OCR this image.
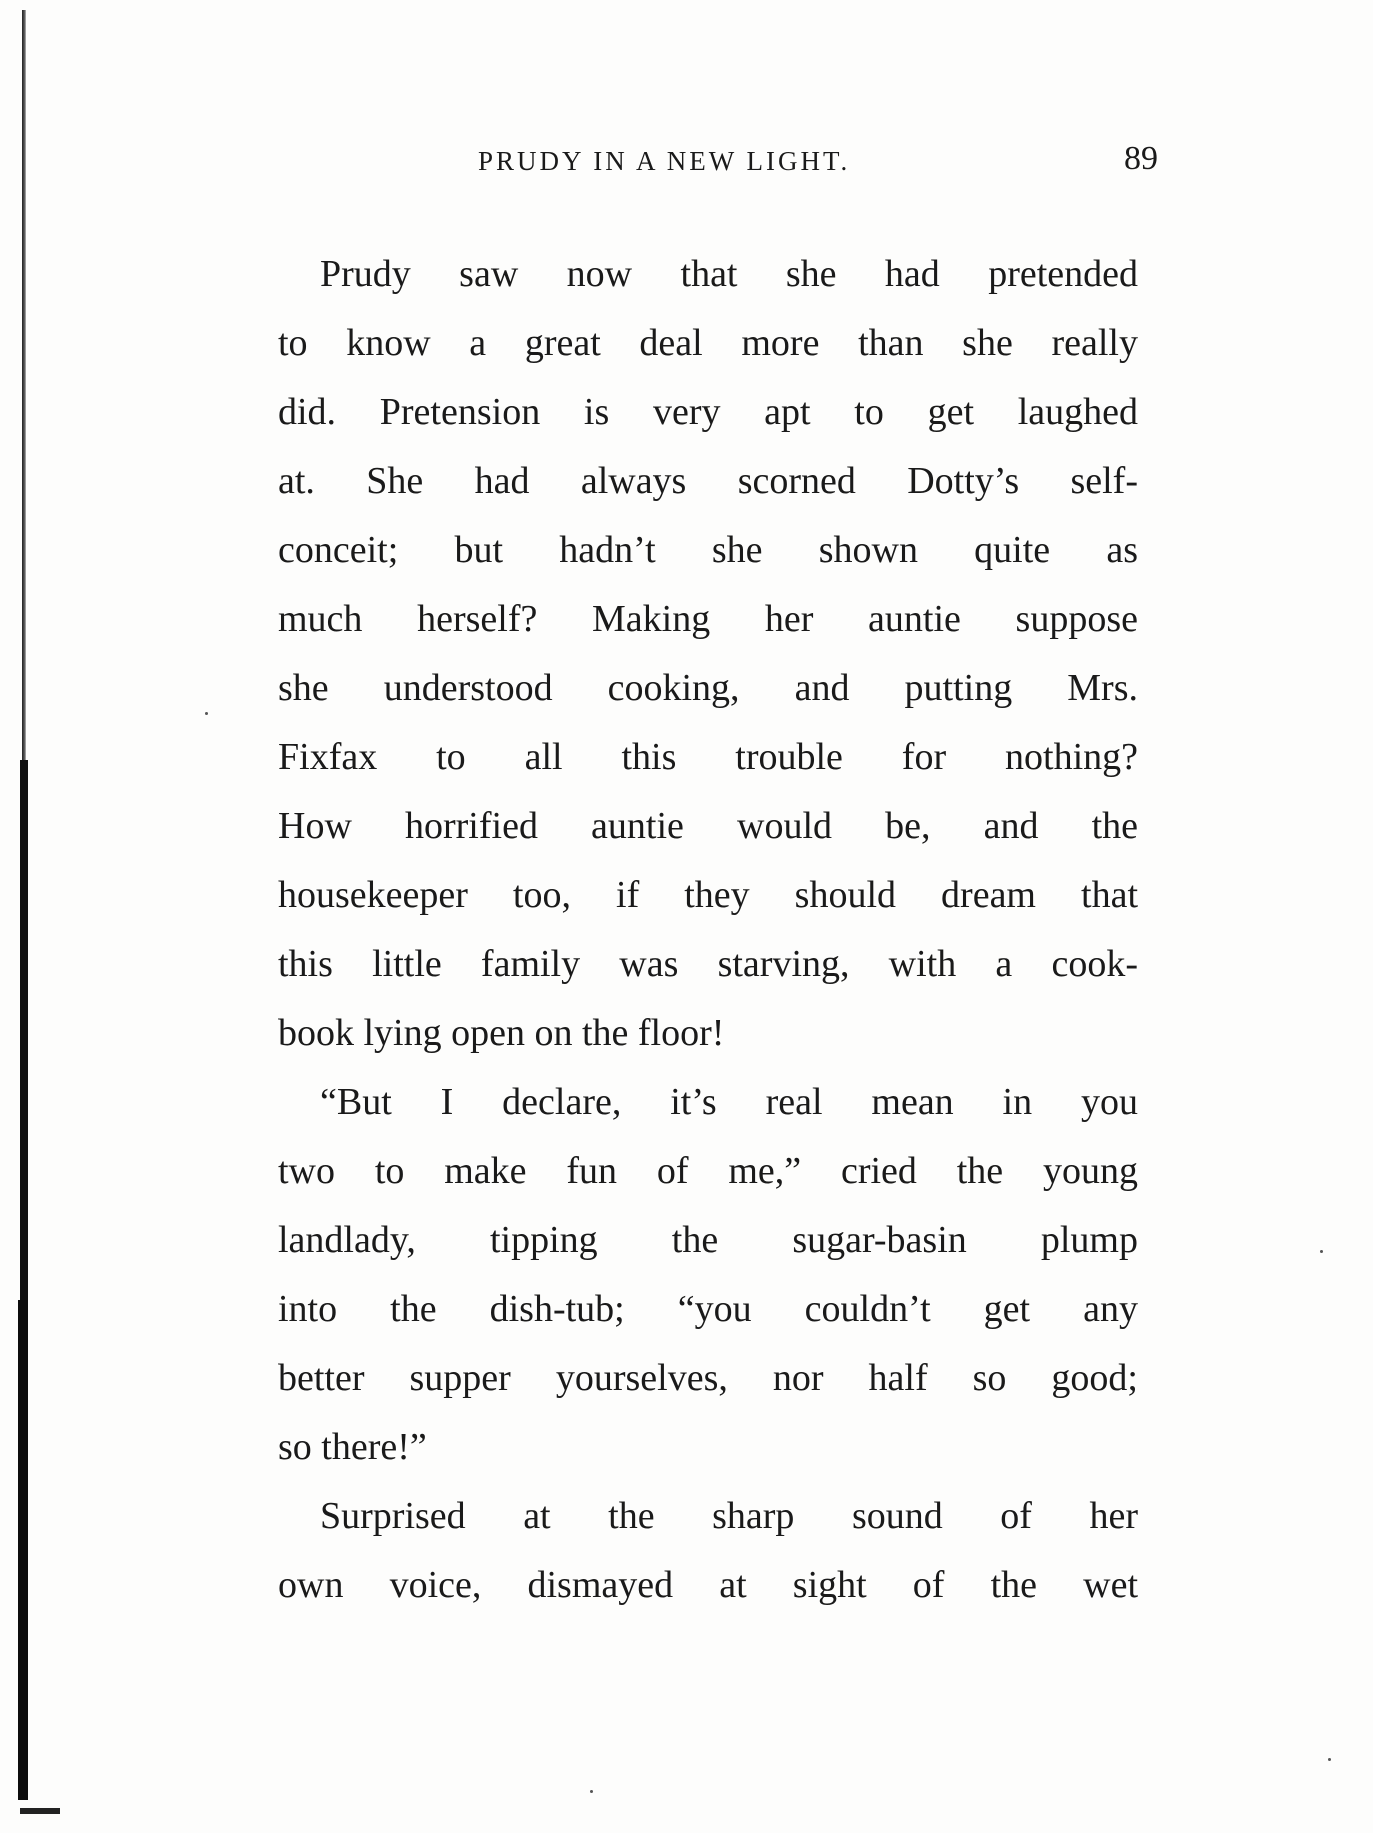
PRUDY IN A NEW LIGHT.	89
Prudy saw now that she had pretended
to know a great deal more than she really
did. Pretension is very apt to get laughed
at. She had always scorned Dotty’s self-
conceit; but hadn’t she shown quite as
much herself? Making her auntie suppose
she understood cooking, and putting Mrs.
Fixfax to all this trouble for nothing?
How horrified auntie would be, and the
housekeeper too, if they should dream that
this little family was starving, with a cook-
book lying open on the floor!
“But I declare, it’s real mean in you
two to make fun of me,” cried the young
landlady, tipping the sugar-basin plump
into the dish-tub; “you couldn’t get any
better supper yourselves, nor half so good;
so there!”
Surprised at the sharp sound of her
own voice, dismayed at sight of the wet
